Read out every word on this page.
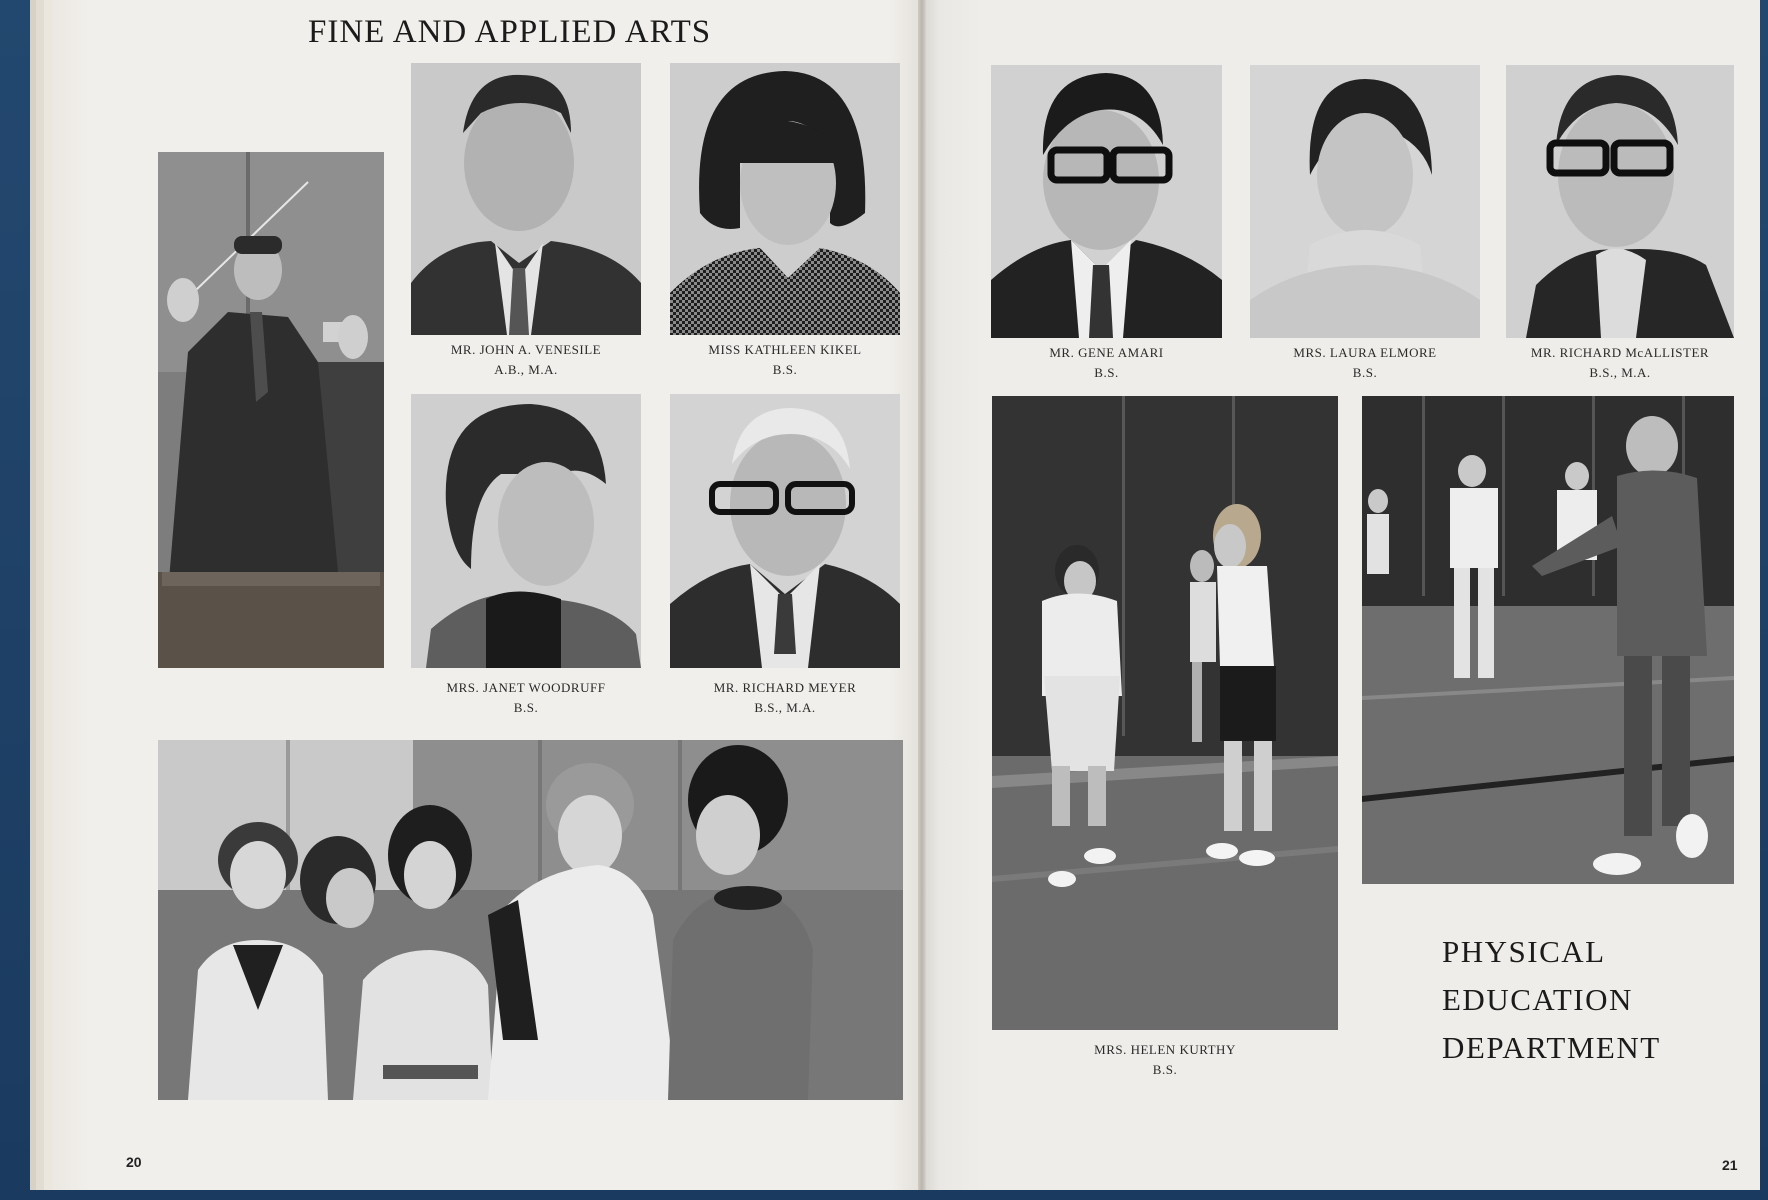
FINE AND APPLIED ARTS
MR. JOHN A. VENESILE
A.B., M.A.
MISS KATHLEEN KIKEL
B.S.
MRS. JANET WOODRUFF
B.S.
MR. RICHARD MEYER
B.S., M.A.
20
MR. GENE AMARI
B.S.
MRS. LAURA ELMORE
B.S.
MR. RICHARD McALLISTER
B.S., M.A.
MRS. HELEN KURTHY
B.S.
PHYSICAL
EDUCATION
DEPARTMENT
21
